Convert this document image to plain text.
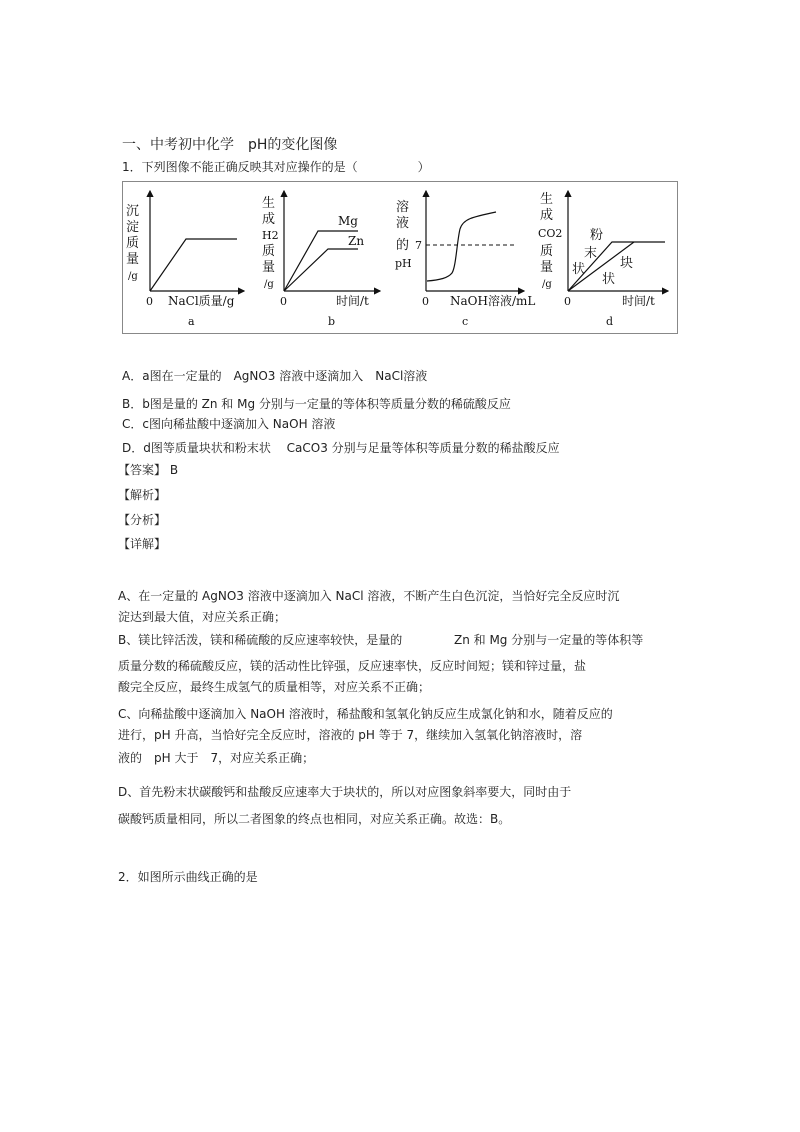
一、中考初中化学　pH的变化图像
1．下列图像不能正确反映其对应操作的是（　　　　　）
沉
淀
质
量
/g
0 NaCl质量/g
a
生
成
H2
质
量
/g
Mg
Zn
0	时间/t
b
溶
液
的
pH
7
0 NaOH溶液/mL
c
生
成
CO2
质
量
/g
粉
末
状	块
状
0	时间/t
d
A．a图在一定量的　AgNO3 溶液中逐滴加入　NaCl溶液
B．b图是量的 Zn 和 Mg 分别与一定量的等体积等质量分数的稀硫酸反应
C．c图向稀盐酸中逐滴加入 NaOH 溶液
D．d图等质量块状和粉末状　 CaCO3 分别与足量等体积等质量分数的稀盐酸反应
【答案】 B
【解析】
【分析】
【详解】
A、在一定量的 AgNO3 溶液中逐滴加入 NaCl 溶液，不断产生白色沉淀，当恰好完全反应时沉
淀达到最大值，对应关系正确；
B、镁比锌活泼，镁和稀硫酸的反应速率较快，是量的	Zn 和 Mg 分别与一定量的等体积等
质量分数的稀硫酸反应，镁的活动性比锌强，反应速率快，反应时间短；镁和锌过量，盐
酸完全反应，最终生成氢气的质量相等，对应关系不正确；
C、向稀盐酸中逐滴加入 NaOH 溶液时，稀盐酸和氢氧化钠反应生成氯化钠和水，随着反应的
进行，pH 升高，当恰好完全反应时，溶液的 pH 等于 7，继续加入氢氧化钠溶液时，溶
液的　pH 大于　7，对应关系正确；
D、首先粉末状碳酸钙和盐酸反应速率大于块状的，所以对应图象斜率要大，同时由于
碳酸钙质量相同，所以二者图象的终点也相同，对应关系正确。故选：B。
2．如图所示曲线正确的是
